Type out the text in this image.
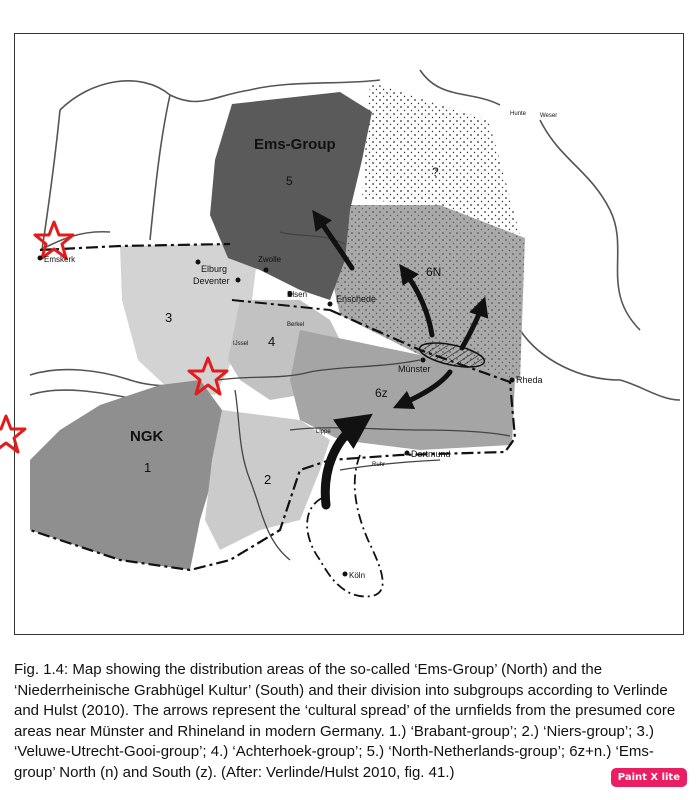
Ems-Group
NGK
1
2
3
4
5
6N
6z
?
Elburg
Deventer
Zwolle
Elsen	Enschede
Münster
Rheda
Dortmund
Köln
Emskerk
Hunte Weser
Lippe
Ruhr
IJssel
Berkel

Fig. 1.4: Map showing the distribution areas of the so-called ‘Ems-Group’ (North) and the ‘Niederrheinische Grabhügel Kultur’ (South) and their division into subgroups according to Verlinde and Hulst (2010). The arrows represent the ‘cultural spread’ of the urnfields from the presumed core areas near Münster and Rhineland in modern Germany. 1.) ‘Brabant-group’; 2.) ‘Niers-group’; 3.) ‘Veluwe-Utrecht-Gooi-group’; 4.) ‘Achterhoek-group’; 5.) ‘North-Netherlands-group’; 6z+n.) ‘Ems-group’ North (n) and South (z). (After: Verlinde/Hulst 2010, fig. 41.)	Paint X lite
